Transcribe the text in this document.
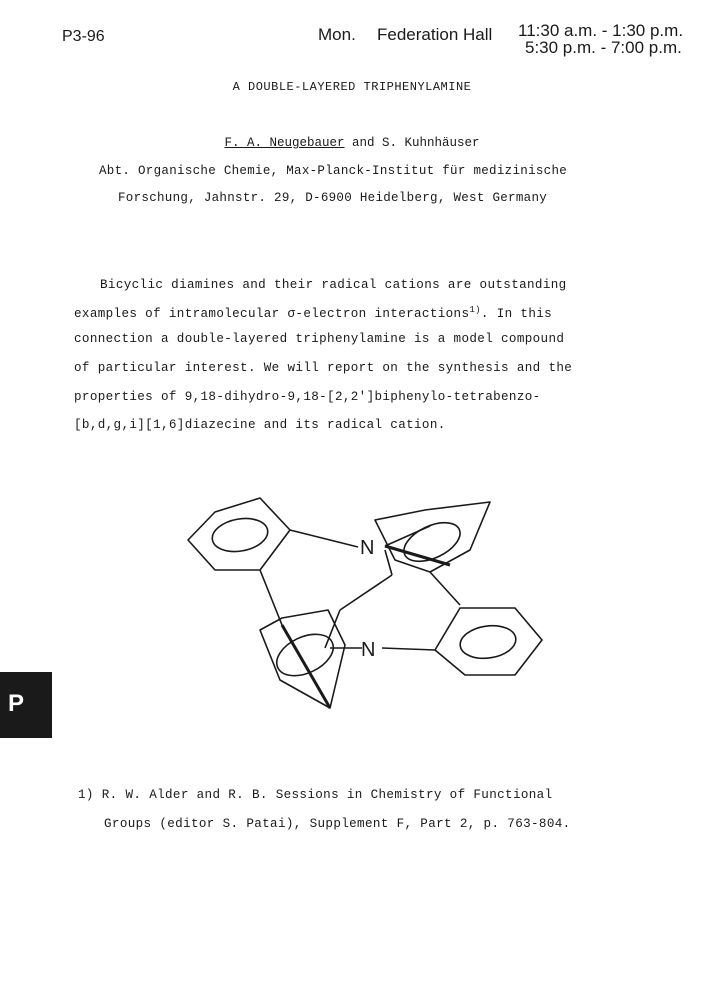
P3-96	Mon. Federation Hall 11:30 a.m. - 1:30 p.m.
5:30 p.m. - 7:00 p.m.
A DOUBLE-LAYERED TRIPHENYLAMINE
F. A. Neugebauer and S. Kuhnhäuser
Abt. Organische Chemie, Max-Planck-Institut für medizinische
Forschung, Jahnstr. 29, D-6900 Heidelberg, West Germany
Bicyclic diamines and their radical cations are outstanding
examples of intramolecular σ-electron interactions$^{1)}$. In this
connection a double-layered triphenylamine is a model compound
of particular interest. We will report on the synthesis and the
properties of 9,18-dihydro-9,18-[2,2']biphenylo-tetrabenzo-
[b,d,g,i][1,6]diazecine and its radical cation.
N
N
P
1) R. W. Alder and R. B. Sessions in Chemistry of Functional
Groups (editor S. Patai), Supplement F, Part 2, p. 763-804.
